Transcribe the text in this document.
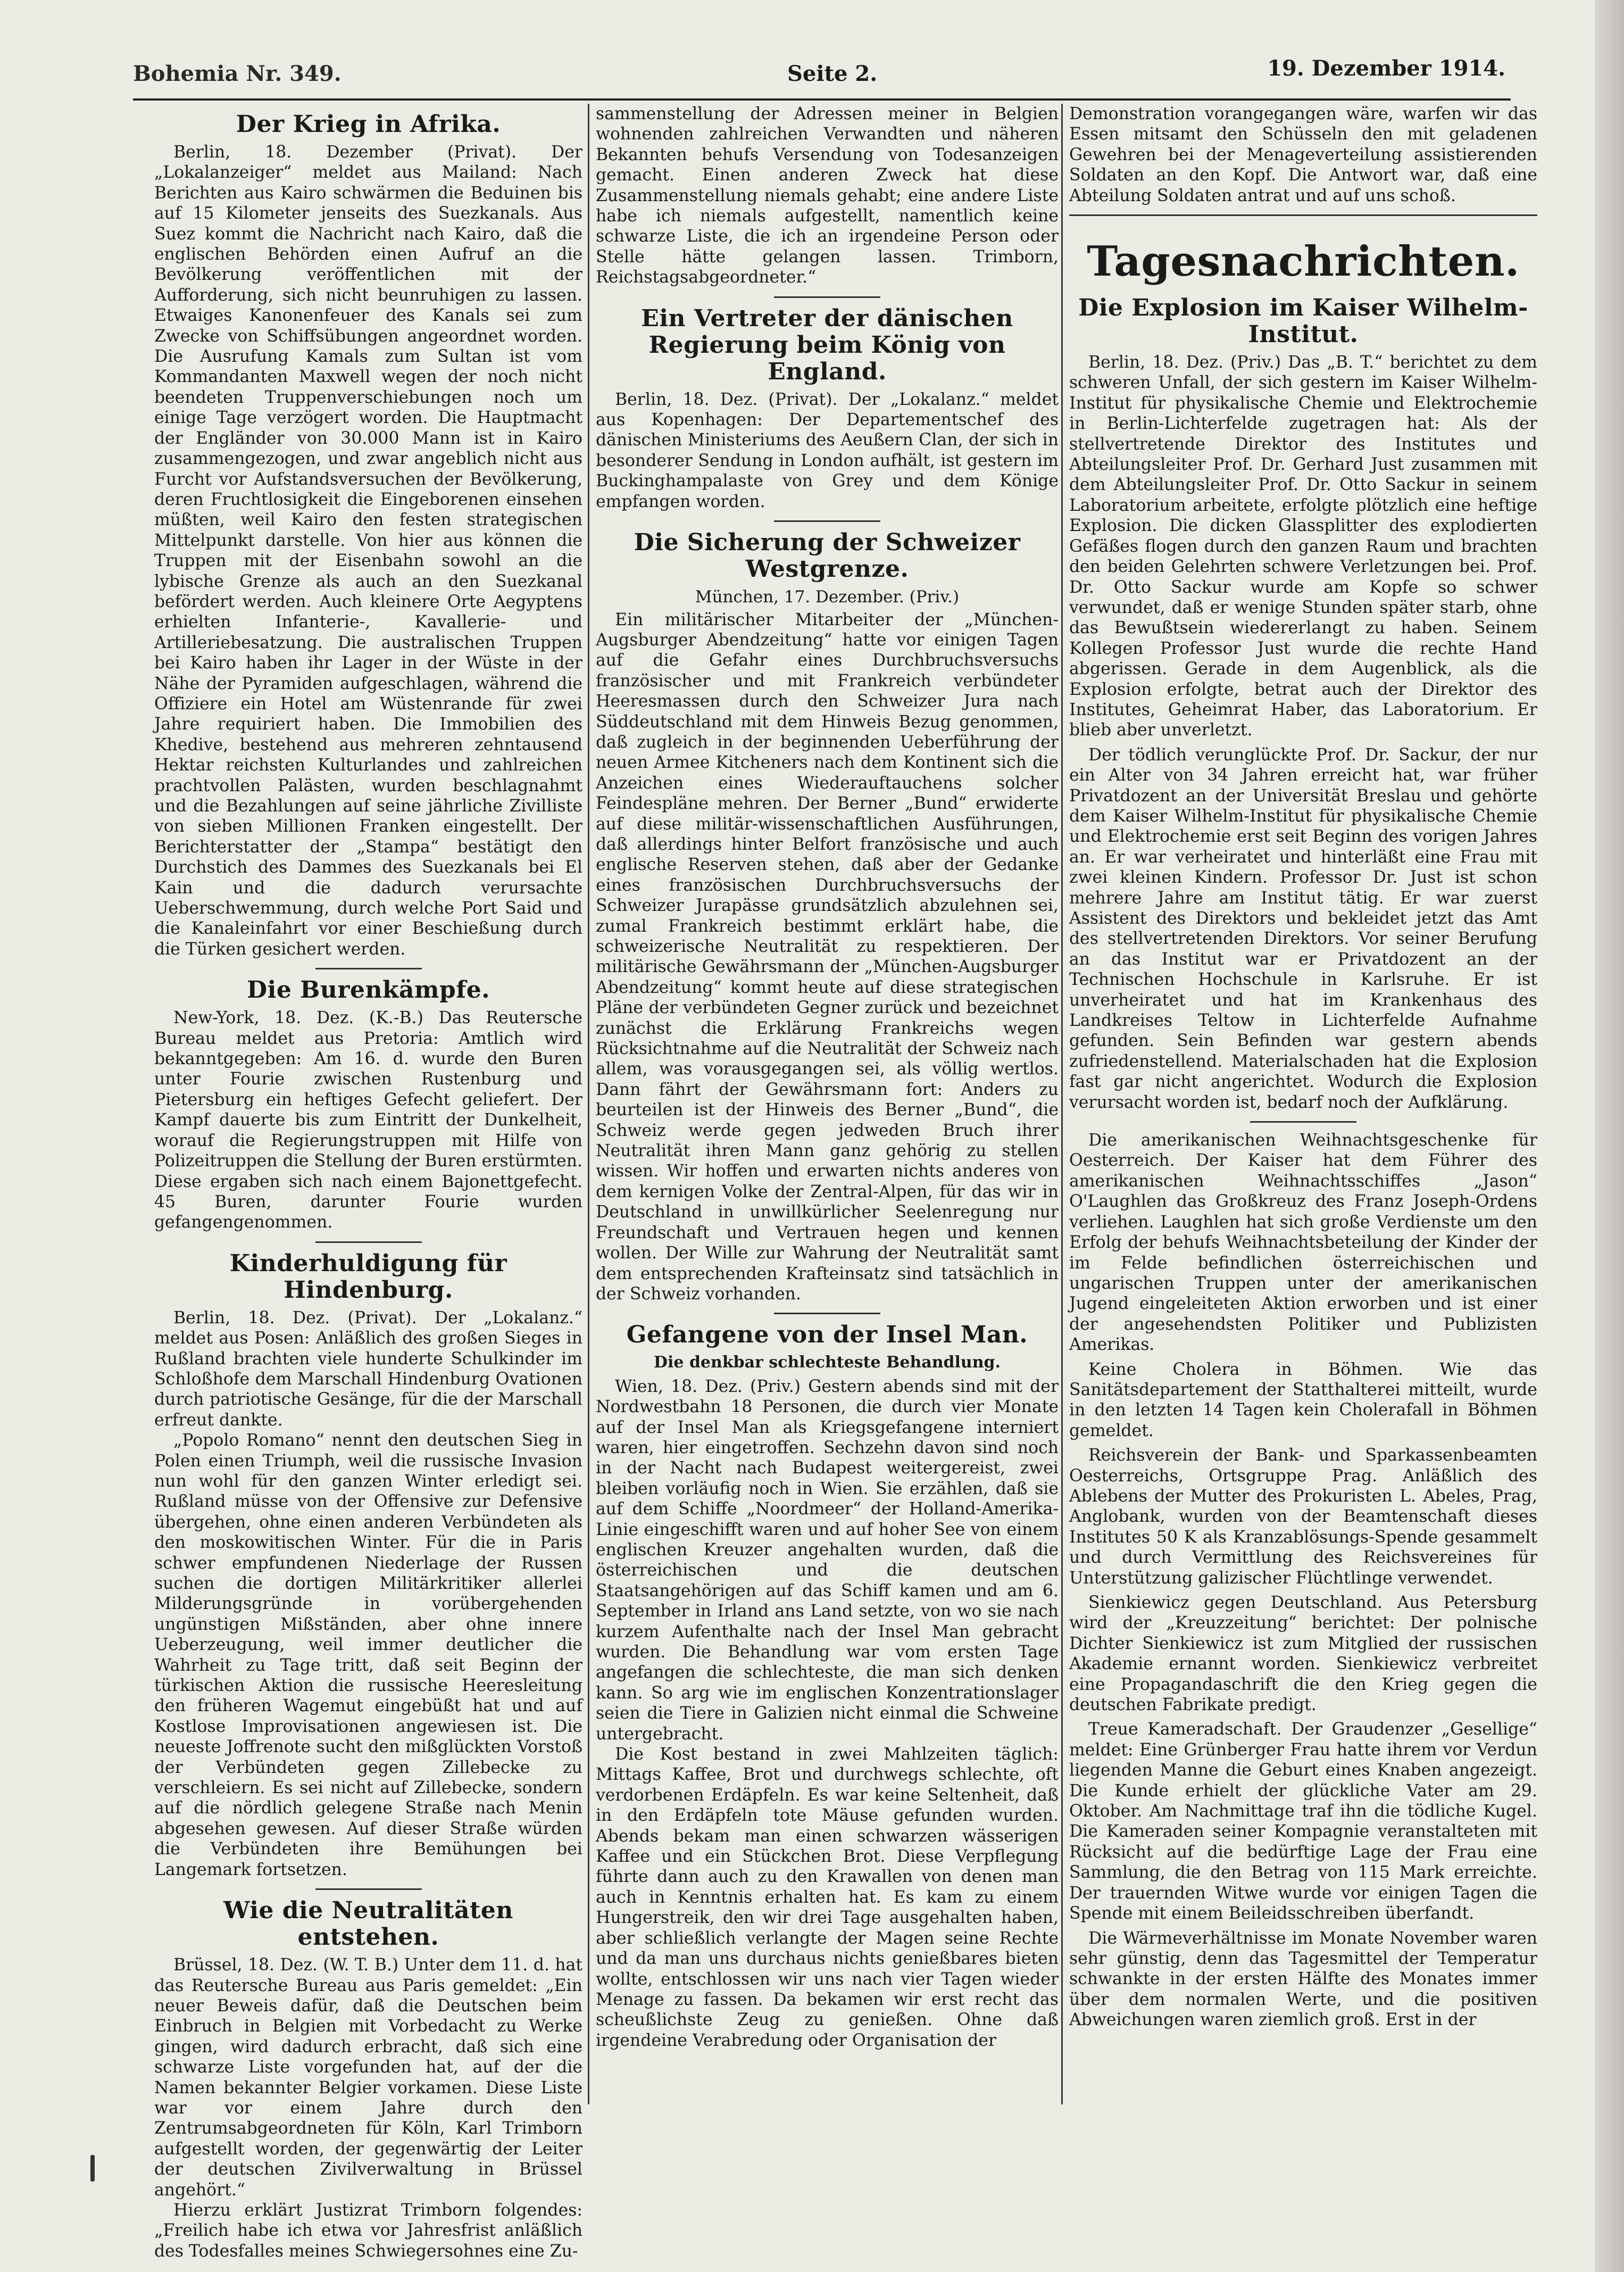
Bohemia Nr. 349.	Seite 2.	19. Dezember 1914.
Der Krieg in Afrika.

Berlin, 18. Dezember (Privat). Der „Lokalanzeiger“ meldet aus Mailand: Nach Berichten aus Kairo schwärmen die Beduinen bis auf 15 Kilometer jenseits des Suezkanals. Aus Suez kommt die Nachricht nach Kairo, daß die englischen Behörden einen Aufruf an die Bevölkerung veröffentlichen mit der Aufforderung, sich nicht beunruhigen zu lassen. Etwaiges Kanonenfeuer des Kanals sei zum Zwecke von Schiffsübungen angeordnet worden. Die Ausrufung Kamals zum Sultan ist vom Kommandanten Maxwell wegen der noch nicht beendeten Truppenverschiebungen noch um einige Tage verzögert worden. Die Hauptmacht der Engländer von 30.000 Mann ist in Kairo zusammengezogen, und zwar angeblich nicht aus Furcht vor Aufstandsversuchen der Bevölkerung, deren Fruchtlosigkeit die Eingeborenen einsehen müßten, weil Kairo den festen strategischen Mittelpunkt darstelle. Von hier aus können die Truppen mit der Eisenbahn sowohl an die lybische Grenze als auch an den Suezkanal befördert werden. Auch kleinere Orte Aegyptens erhielten Infanterie-, Kavallerie- und Artilleriebesatzung. Die australischen Truppen bei Kairo haben ihr Lager in der Wüste in der Nähe der Pyramiden aufgeschlagen, während die Offiziere ein Hotel am Wüstenrande für zwei Jahre requiriert haben. Die Immobilien des Khedive, bestehend aus mehreren zehntausend Hektar reichsten Kulturlandes und zahlreichen prachtvollen Palästen, wurden beschlagnahmt und die Bezahlungen auf seine jährliche Zivilliste von sieben Millionen Franken eingestellt. Der Berichterstatter der „Stampa“ bestätigt den Durchstich des Dammes des Suezkanals bei El Kain und die dadurch verursachte Ueberschwemmung, durch welche Port Said und die Kanaleinfahrt vor einer Beschießung durch die Türken gesichert werden.

Die Burenkämpfe.

New-York, 18. Dez. (K.-B.) Das Reutersche Bureau meldet aus Pretoria: Amtlich wird bekanntgegeben: Am 16. d. wurde den Buren unter Fourie zwischen Rustenburg und Pietersburg ein heftiges Gefecht geliefert. Der Kampf dauerte bis zum Eintritt der Dunkelheit, worauf die Regierungstruppen mit Hilfe von Polizeitruppen die Stellung der Buren erstürmten. Diese ergaben sich nach einem Bajonettgefecht. 45 Buren, darunter Fourie wurden gefangengenommen.

Kinderhuldigung für Hindenburg.

Berlin, 18. Dez. (Privat). Der „Lokalanz.“ meldet aus Posen: Anläßlich des großen Sieges in Rußland brachten viele hunderte Schulkinder im Schloßhofe dem Marschall Hindenburg Ovationen durch patriotische Gesänge, für die der Marschall erfreut dankte.

„Popolo Romano“ nennt den deutschen Sieg in Polen einen Triumph, weil die russische Invasion nun wohl für den ganzen Winter erledigt sei. Rußland müsse von der Offensive zur Defensive übergehen, ohne einen anderen Verbündeten als den moskowitischen Winter. Für die in Paris schwer empfundenen Niederlage der Russen suchen die dortigen Militärkritiker allerlei Milderungsgründe in vorübergehenden ungünstigen Mißständen, aber ohne innere Ueberzeugung, weil immer deutlicher die Wahrheit zu Tage tritt, daß seit Beginn der türkischen Aktion die russische Heeresleitung den früheren Wagemut eingebüßt hat und auf Kostlose Improvisationen angewiesen ist. Die neueste Joffrenote sucht den mißglückten Vorstoß der Verbündeten gegen Zillebecke zu verschleiern. Es sei nicht auf Zillebecke, sondern auf die nördlich gelegene Straße nach Menin abgesehen gewesen. Auf dieser Straße würden die Verbündeten ihre Bemühungen bei Langemark fortsetzen.

Wie die Neutralitäten entstehen.

Brüssel, 18. Dez. (W. T. B.) Unter dem 11. d. hat das Reutersche Bureau aus Paris gemeldet: „Ein neuer Beweis dafür, daß die Deutschen beim Einbruch in Belgien mit Vorbedacht zu Werke gingen, wird dadurch erbracht, daß sich eine schwarze Liste vorgefunden hat, auf der die Namen bekannter Belgier vorkamen. Diese Liste war vor einem Jahre durch den Zentrumsabgeordneten für Köln, Karl Trimborn aufgestellt worden, der gegenwärtig der Leiter der deutschen Zivilverwaltung in Brüssel angehört.“

Hierzu erklärt Justizrat Trimborn folgendes: „Freilich habe ich etwa vor Jahresfrist anläßlich des Todesfalles meines Schwiegersohnes eine Zu-

sammenstellung der Adressen meiner in Belgien wohnenden zahlreichen Verwandten und näheren Bekannten behufs Versendung von Todesanzeigen gemacht. Einen anderen Zweck hat diese Zusammenstellung niemals gehabt; eine andere Liste habe ich niemals aufgestellt, namentlich keine schwarze Liste, die ich an irgendeine Person oder Stelle hätte gelangen lassen. Trimborn, Reichstagsabgeordneter.“

Ein Vertreter der dänischen Regierung beim König von England.

Berlin, 18. Dez. (Privat). Der „Lokalanz.“ meldet aus Kopenhagen: Der Departementschef des dänischen Ministeriums des Aeußern Clan, der sich in besonderer Sendung in London aufhält, ist gestern im Buckinghampalaste von Grey und dem Könige empfangen worden.

Die Sicherung der Schweizer Westgrenze.

München, 17. Dezember. (Priv.)

Ein militärischer Mitarbeiter der „München-Augsburger Abendzeitung“ hatte vor einigen Tagen auf die Gefahr eines Durchbruchsversuchs französischer und mit Frankreich verbündeter Heeresmassen durch den Schweizer Jura nach Süddeutschland mit dem Hinweis Bezug genommen, daß zugleich in der beginnenden Ueberführung der neuen Armee Kitcheners nach dem Kontinent sich die Anzeichen eines Wiederauftauchens solcher Feindespläne mehren. Der Berner „Bund“ erwiderte auf diese militär-wissenschaftlichen Ausführungen, daß allerdings hinter Belfort französische und auch englische Reserven stehen, daß aber der Gedanke eines französischen Durchbruchsversuchs der Schweizer Jurapässe grundsätzlich abzulehnen sei, zumal Frankreich bestimmt erklärt habe, die schweizerische Neutralität zu respektieren. Der militärische Gewährsmann der „München-Augsburger Abendzeitung“ kommt heute auf diese strategischen Pläne der verbündeten Gegner zurück und bezeichnet zunächst die Erklärung Frankreichs wegen Rücksichtnahme auf die Neutralität der Schweiz nach allem, was vorausgegangen sei, als völlig wertlos. Dann fährt der Gewährsmann fort: Anders zu beurteilen ist der Hinweis des Berner „Bund“, die Schweiz werde gegen jedweden Bruch ihrer Neutralität ihren Mann ganz gehörig zu stellen wissen. Wir hoffen und erwarten nichts anderes von dem kernigen Volke der Zentral-Alpen, für das wir in Deutschland in unwillkürlicher Seelenregung nur Freundschaft und Vertrauen hegen und kennen wollen. Der Wille zur Wahrung der Neutralität samt dem entsprechenden Krafteinsatz sind tatsächlich in der Schweiz vorhanden.

Gefangene von der Insel Man.
Die denkbar schlechteste Behandlung.

Wien, 18. Dez. (Priv.) Gestern abends sind mit der Nordwestbahn 18 Personen, die durch vier Monate auf der Insel Man als Kriegsgefangene interniert waren, hier eingetroffen. Sechzehn davon sind noch in der Nacht nach Budapest weitergereist, zwei bleiben vorläufig noch in Wien. Sie erzählen, daß sie auf dem Schiffe „Noordmeer“ der Holland-Amerika-Linie eingeschifft waren und auf hoher See von einem englischen Kreuzer angehalten wurden, daß die österreichischen und die deutschen Staatsangehörigen auf das Schiff kamen und am 6. September in Irland ans Land setzte, von wo sie nach kurzem Aufenthalte nach der Insel Man gebracht wurden. Die Behandlung war vom ersten Tage angefangen die schlechteste, die man sich denken kann. So arg wie im englischen Konzentrationslager seien die Tiere in Galizien nicht einmal die Schweine untergebracht.

Die Kost bestand in zwei Mahlzeiten täglich: Mittags Kaffee, Brot und durchwegs schlechte, oft verdorbenen Erdäpfeln. Es war keine Seltenheit, daß in den Erdäpfeln tote Mäuse gefunden wurden. Abends bekam man einen schwarzen wässerigen Kaffee und ein Stückchen Brot. Diese Verpflegung führte dann auch zu den Krawallen von denen man auch in Kenntnis erhalten hat. Es kam zu einem Hungerstreik, den wir drei Tage ausgehalten haben, aber schließlich verlangte der Magen seine Rechte und da man uns durchaus nichts genießbares bieten wollte, entschlossen wir uns nach vier Tagen wieder Menage zu fassen. Da bekamen wir erst recht das scheußlichste Zeug zu genießen. Ohne daß irgendeine Verabredung oder Organisation der

Demonstration vorangegangen wäre, warfen wir das Essen mitsamt den Schüsseln den mit geladenen Gewehren bei der Menageverteilung assistierenden Soldaten an den Kopf. Die Antwort war, daß eine Abteilung Soldaten antrat und auf uns schoß.

Tagesnachrichten.
Die Explosion im Kaiser Wilhelm-Institut.

Berlin, 18. Dez. (Priv.) Das „B. T.“ berichtet zu dem schweren Unfall, der sich gestern im Kaiser Wilhelm-Institut für physikalische Chemie und Elektrochemie in Berlin-Lichterfelde zugetragen hat: Als der stellvertretende Direktor des Institutes und Abteilungsleiter Prof. Dr. Gerhard Just zusammen mit dem Abteilungsleiter Prof. Dr. Otto Sackur in seinem Laboratorium arbeitete, erfolgte plötzlich eine heftige Explosion. Die dicken Glassplitter des explodierten Gefäßes flogen durch den ganzen Raum und brachten den beiden Gelehrten schwere Verletzungen bei. Prof. Dr. Otto Sackur wurde am Kopfe so schwer verwundet, daß er wenige Stunden später starb, ohne das Bewußtsein wiedererlangt zu haben. Seinem Kollegen Professor Just wurde die rechte Hand abgerissen. Gerade in dem Augenblick, als die Explosion erfolgte, betrat auch der Direktor des Institutes, Geheimrat Haber, das Laboratorium. Er blieb aber unverletzt.

Der tödlich verunglückte Prof. Dr. Sackur, der nur ein Alter von 34 Jahren erreicht hat, war früher Privatdozent an der Universität Breslau und gehörte dem Kaiser Wilhelm-Institut für physikalische Chemie und Elektrochemie erst seit Beginn des vorigen Jahres an. Er war verheiratet und hinterläßt eine Frau mit zwei kleinen Kindern. Professor Dr. Just ist schon mehrere Jahre am Institut tätig. Er war zuerst Assistent des Direktors und bekleidet jetzt das Amt des stellvertretenden Direktors. Vor seiner Berufung an das Institut war er Privatdozent an der Technischen Hochschule in Karlsruhe. Er ist unverheiratet und hat im Krankenhaus des Landkreises Teltow in Lichterfelde Aufnahme gefunden. Sein Befinden war gestern abends zufriedenstellend. Materialschaden hat die Explosion fast gar nicht angerichtet. Wodurch die Explosion verursacht worden ist, bedarf noch der Aufklärung.

Die amerikanischen Weihnachtsgeschenke für Oesterreich. Der Kaiser hat dem Führer des amerikanischen Weihnachtsschiffes „Jason“ O'Laughlen das Großkreuz des Franz Joseph-Ordens verliehen. Laughlen hat sich große Verdienste um den Erfolg der behufs Weihnachtsbeteilung der Kinder der im Felde befindlichen österreichischen und ungarischen Truppen unter der amerikanischen Jugend eingeleiteten Aktion erworben und ist einer der angesehendsten Politiker und Publizisten Amerikas.

Keine Cholera in Böhmen. Wie das Sanitätsdepartement der Statthalterei mitteilt, wurde in den letzten 14 Tagen kein Cholerafall in Böhmen gemeldet.

Reichsverein der Bank- und Sparkassenbeamten Oesterreichs, Ortsgruppe Prag. Anläßlich des Ablebens der Mutter des Prokuristen L. Abeles, Prag, Anglobank, wurden von der Beamtenschaft dieses Institutes 50 K als Kranzablösungs-Spende gesammelt und durch Vermittlung des Reichsvereines für Unterstützung galizischer Flüchtlinge verwendet.

Sienkiewicz gegen Deutschland. Aus Petersburg wird der „Kreuzzeitung“ berichtet: Der polnische Dichter Sienkiewicz ist zum Mitglied der russischen Akademie ernannt worden. Sienkiewicz verbreitet eine Propagandaschrift die den Krieg gegen die deutschen Fabrikate predigt.

Treue Kameradschaft. Der Graudenzer „Gesellige“ meldet: Eine Grünberger Frau hatte ihrem vor Verdun liegenden Manne die Geburt eines Knaben angezeigt. Die Kunde erhielt der glückliche Vater am 29. Oktober. Am Nachmittage traf ihn die tödliche Kugel. Die Kameraden seiner Kompagnie veranstalteten mit Rücksicht auf die bedürftige Lage der Frau eine Sammlung, die den Betrag von 115 Mark erreichte. Der trauernden Witwe wurde vor einigen Tagen die Spende mit einem Beileidsschreiben überfandt.

Die Wärmeverhältnisse im Monate November waren sehr günstig, denn das Tagesmittel der Temperatur schwankte in der ersten Hälfte des Monates immer über dem normalen Werte, und die positiven Abweichungen waren ziemlich groß. Erst in der
